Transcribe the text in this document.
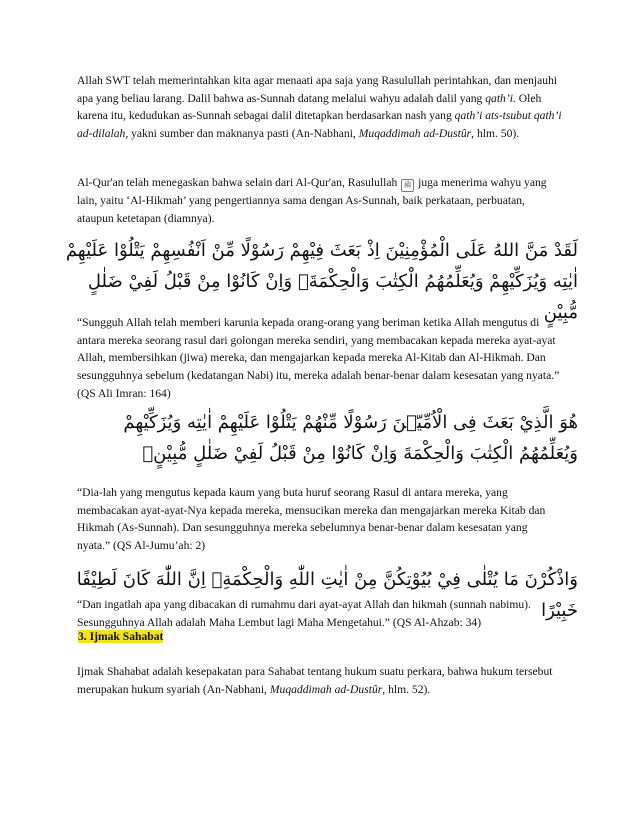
Allah SWT telah memerintahkan kita agar menaati apa saja yang Rasulullah perintahkan, dan menjauhi apa yang beliau larang. Dalil bahwa as-Sunnah datang melalui wahyu adalah dalil yang qath’i. Oleh karena itu, kedudukan as-Sunnah sebagai dalil ditetapkan berdasarkan nash yang qath’i ats-tsubut qath’i ad-dilalah, yakni sumber dan maknanya pasti (An-Nabhani, Muqaddimah ad-Dustûr, hlm. 50).

Al-Qur'an telah menegaskan bahwa selain dari Al-Qur'an, Rasulullah ﷺ juga menerima wahyu yang lain, yaitu ‘Al-Hikmah’ yang pengertiannya sama dengan As-Sunnah, baik perkataan, perbuatan, ataupun ketetapan (diamnya).

لَقَدْ مَنَّ اللهُ عَلَى الْمُؤْمِنِيْنَ اِذْ بَعَثَ فِيْهِمْ رَسُوْلًا مِّنْ اَنْفُسِهِمْ يَتْلُوْا عَلَيْهِمْ اٰيٰتِه وَيُزَكِّيْهِمْ وَيُعَلِّمُهُمُ الْكِتٰبَ وَالْحِكْمَةَۚ وَاِنْ كَانُوْا مِنْ قَبْلُ لَفِيْ ضَلٰلٍ مُّبِيْنٍ

“Sungguh Allah telah memberi karunia kepada orang-orang yang beriman ketika Allah mengutus di antara mereka seorang rasul dari golongan mereka sendiri, yang membacakan kepada mereka ayat-ayat Allah, membersihkan (jiwa) mereka, dan mengajarkan kepada mereka Al-Kitab dan Al-Hikmah. Dan sesungguhnya sebelum (kedatangan Nabi) itu, mereka adalah benar-benar dalam kesesatan yang nyata.” (QS Ali Imran: 164)

هُوَ الَّذِيْ بَعَثَ فِى الْاُمِّيّٖنَ رَسُوْلًا مِّنْهُمْ يَتْلُوْا عَلَيْهِمْ اٰيٰتِه وَيُزَكِّيْهِمْ وَيُعَلِّمُهُمُ الْكِتٰبَ وَالْحِكْمَةَ وَاِنْ كَانُوْا مِنْ قَبْلُ لَفِيْ ضَلٰلٍ مُّبِيْنٍۙ

“Dia-lah yang mengutus kepada kaum yang buta huruf seorang Rasul di antara mereka, yang membacakan ayat-ayat-Nya kepada mereka, mensucikan mereka dan mengajarkan mereka Kitab dan Hikmah (As-Sunnah). Dan sesungguhnya mereka sebelumnya benar-benar dalam kesesatan yang nyata.” (QS Al-Jumu’ah: 2)

وَاذْكُرْنَ مَا يُتْلٰى فِيْ بُيُوْتِكُنَّ مِنْ اٰيٰتِ اللّٰهِ وَالْحِكْمَةِۗ اِنَّ اللّٰهَ كَانَ لَطِيْفًا خَبِيْرًا

“Dan ingatlah apa yang dibacakan di rumahmu dari ayat-ayat Allah dan hikmah (sunnah nabimu). Sesungguhnya Allah adalah Maha Lembut lagi Maha Mengetahui.” (QS Al-Ahzab: 34)

3. Ijmak Sahabat

Ijmak Shahabat adalah kesepakatan para Sahabat tentang hukum suatu perkara, bahwa hukum tersebut merupakan hukum syariah (An-Nabhani, Muqaddimah ad-Dustûr, hlm. 52).
